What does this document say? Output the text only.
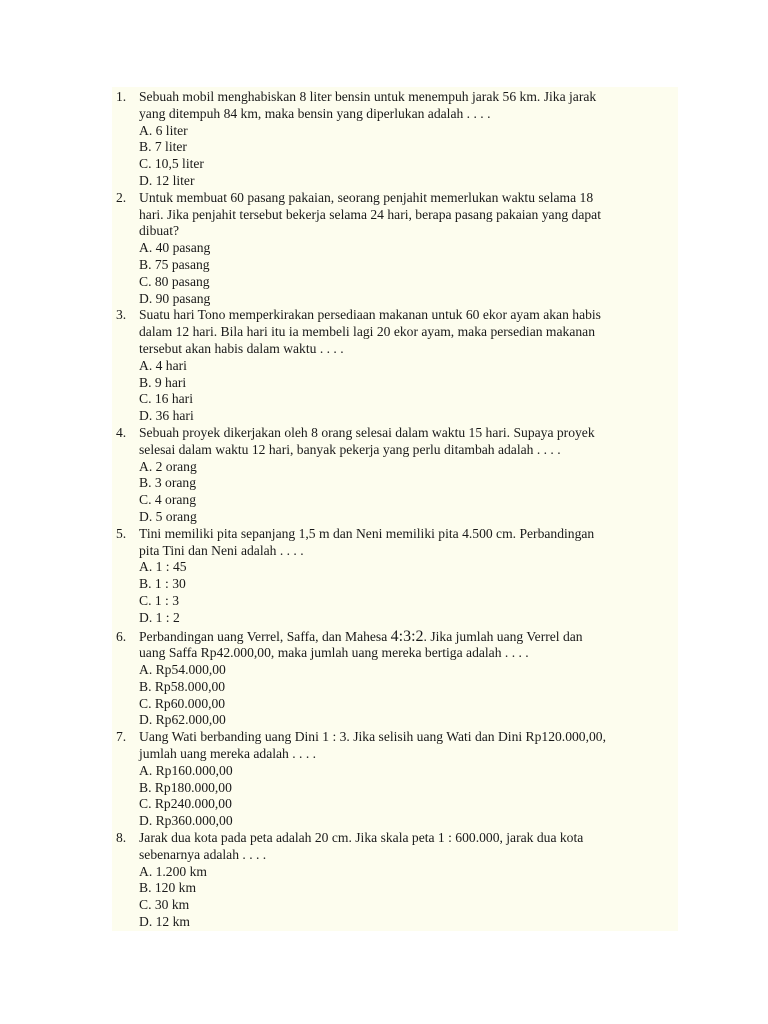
1. Sebuah mobil menghabiskan 8 liter bensin untuk menempuh jarak 56 km. Jika jarak
yang ditempuh 84 km, maka bensin yang diperlukan adalah . . . .
A. 6 liter
B. 7 liter
C. 10,5 liter
D. 12 liter
2. Untuk membuat 60 pasang pakaian, seorang penjahit memerlukan waktu selama 18
hari. Jika penjahit tersebut bekerja selama 24 hari, berapa pasang pakaian yang dapat
dibuat?
A. 40 pasang
B. 75 pasang
C. 80 pasang
D. 90 pasang
3. Suatu hari Tono memperkirakan persediaan makanan untuk 60 ekor ayam akan habis
dalam 12 hari. Bila hari itu ia membeli lagi 20 ekor ayam, maka persedian makanan
tersebut akan habis dalam waktu . . . .
A. 4 hari
B. 9 hari
C. 16 hari
D. 36 hari
4. Sebuah proyek dikerjakan oleh 8 orang selesai dalam waktu 15 hari. Supaya proyek
selesai dalam waktu 12 hari, banyak pekerja yang perlu ditambah adalah . . . .
A. 2 orang
B. 3 orang
C. 4 orang
D. 5 orang
5. Tini memiliki pita sepanjang 1,5 m dan Neni memiliki pita 4.500 cm. Perbandingan
pita Tini dan Neni adalah . . . .
A. 1 : 45
B. 1 : 30
C. 1 : 3
D. 1 : 2
6. Perbandingan uang Verrel, Saffa, dan Mahesa 4:3:2. Jika jumlah uang Verrel dan
uang Saffa Rp42.000,00, maka jumlah uang mereka bertiga adalah . . . .
A. Rp54.000,00
B. Rp58.000,00
C. Rp60.000,00
D. Rp62.000,00
7. Uang Wati berbanding uang Dini 1 : 3. Jika selisih uang Wati dan Dini Rp120.000,00,
jumlah uang mereka adalah . . . .
A. Rp160.000,00
B. Rp180.000,00
C. Rp240.000,00
D. Rp360.000,00
8. Jarak dua kota pada peta adalah 20 cm. Jika skala peta 1 : 600.000, jarak dua kota
sebenarnya adalah . . . .
A. 1.200 km
B. 120 km
C. 30 km
D. 12 km
